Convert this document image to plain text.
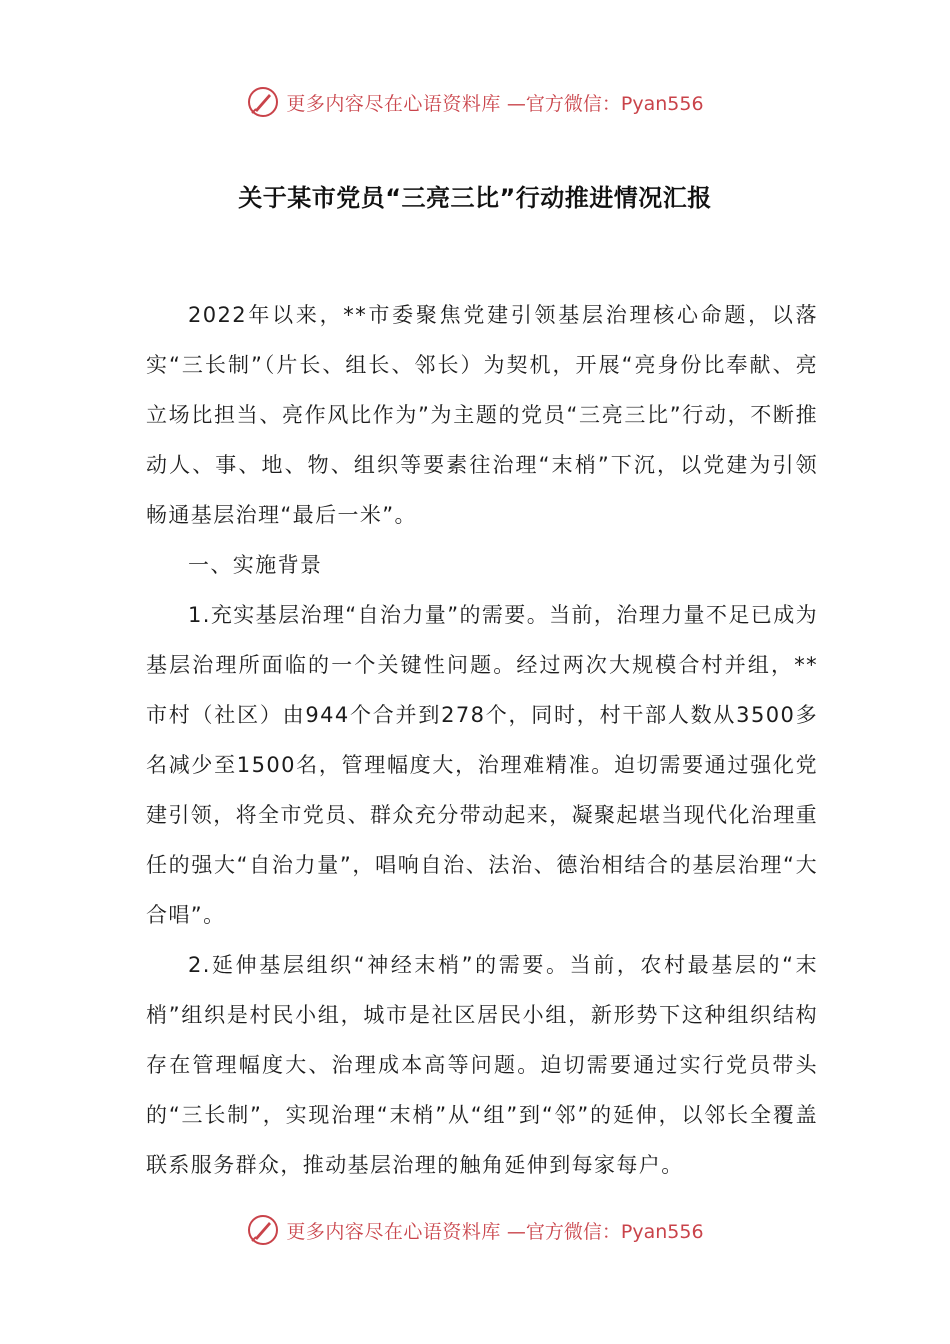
更多内容尽在心语资料库 —官方微信：Pyan556
关于某市党员“三亮三比”行动推进情况汇报

2022年以来，**市委聚焦党建引领基层治理核心命题，以落实“三长制”（片长、组长、邻长）为契机，开展“亮身份比奉献、亮立场比担当、亮作风比作为”为主题的党员“三亮三比”行动，不断推动人、事、地、物、组织等要素往治理“末梢”下沉，以党建为引领畅通基层治理“最后一米”。

一、实施背景

1.充实基层治理“自治力量”的需要。当前，治理力量不足已成为基层治理所面临的一个关键性问题。经过两次大规模合村并组，**市村（社区）由944个合并到278个，同时，村干部人数从3500多名减少至1500名，管理幅度大，治理难精准。迫切需要通过强化党建引领，将全市党员、群众充分带动起来，凝聚起堪当现代化治理重任的强大“自治力量”，唱响自治、法治、德治相结合的基层治理“大合唱”。

2.延伸基层组织“神经末梢”的需要。当前，农村最基层的“末梢”组织是村民小组，城市是社区居民小组，新形势下这种组织结构存在管理幅度大、治理成本高等问题。迫切需要通过实行党员带头的“三长制”，实现治理“末梢”从“组”到“邻”的延伸，以邻长全覆盖联系服务群众，推动基层治理的触角延伸到每家每户。

更多内容尽在心语资料库 —官方微信：Pyan556
